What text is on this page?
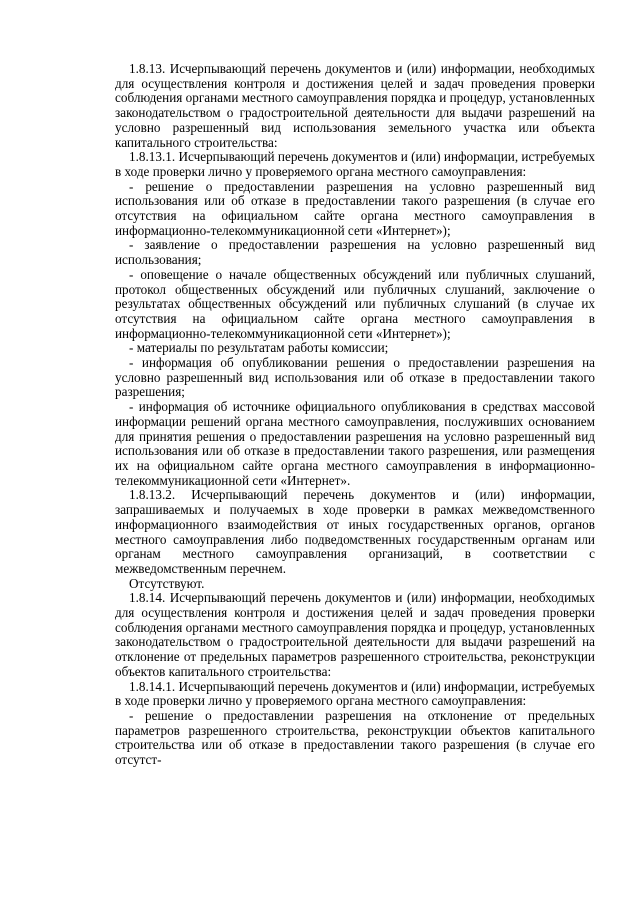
1.8.13. Исчерпывающий перечень документов и (или) информации, необходимых для осуществления контроля и достижения целей и задач проведения проверки соблюдения органами местного самоуправления порядка и процедур, установленных законодательством о градостроительной деятельности для выдачи разрешений на условно разрешенный вид использования земельного участка или объекта капитального строительства:

1.8.13.1. Исчерпывающий перечень документов и (или) информации, истребуемых в ходе проверки лично у проверяемого органа местного самоуправления:

- решение о предоставлении разрешения на условно разрешенный вид использования или об отказе в предоставлении такого разрешения (в случае его отсутствия на официальном сайте органа местного самоуправления в информационно-телекоммуникационной сети «Интернет»);

- заявление о предоставлении разрешения на условно разрешенный вид использования;

- оповещение о начале общественных обсуждений или публичных слушаний, протокол общественных обсуждений или публичных слушаний, заключение о результатах общественных обсуждений или публичных слушаний (в случае их отсутствия на официальном сайте органа местного самоуправления в информационно-телекоммуникационной сети «Интернет»);

- материалы по результатам работы комиссии;

- информация об опубликовании решения о предоставлении разрешения на условно разрешенный вид использования или об отказе в предоставлении такого разрешения;

- информация об источнике официального опубликования в средствах массовой информации решений органа местного самоуправления, послуживших основанием для принятия решения о предоставлении разрешения на условно разрешенный вид использования или об отказе в предоставлении такого разрешения, или размещения их на официальном сайте органа местного самоуправления в информационно-телекоммуникационной сети «Интернет».

1.8.13.2. Исчерпывающий перечень документов и (или) информации, запрашиваемых и получаемых в ходе проверки в рамках межведомственного информационного взаимодействия от иных государственных органов, органов местного самоуправления либо подведомственных государственным органам или органам местного самоуправления организаций, в соответствии с межведомственным перечнем.

Отсутствуют.

1.8.14. Исчерпывающий перечень документов и (или) информации, необходимых для осуществления контроля и достижения целей и задач проведения проверки соблюдения органами местного самоуправления порядка и процедур, установленных законодательством о градостроительной деятельности для выдачи разрешений на отклонение от предельных параметров разрешенного строительства, реконструкции объектов капитального строительства:

1.8.14.1. Исчерпывающий перечень документов и (или) информации, истребуемых в ходе проверки лично у проверяемого органа местного самоуправления:

- решение о предоставлении разрешения на отклонение от предельных параметров разрешенного строительства, реконструкции объектов капитального строительства или об отказе в предоставлении такого разрешения (в случае его отсутст-
